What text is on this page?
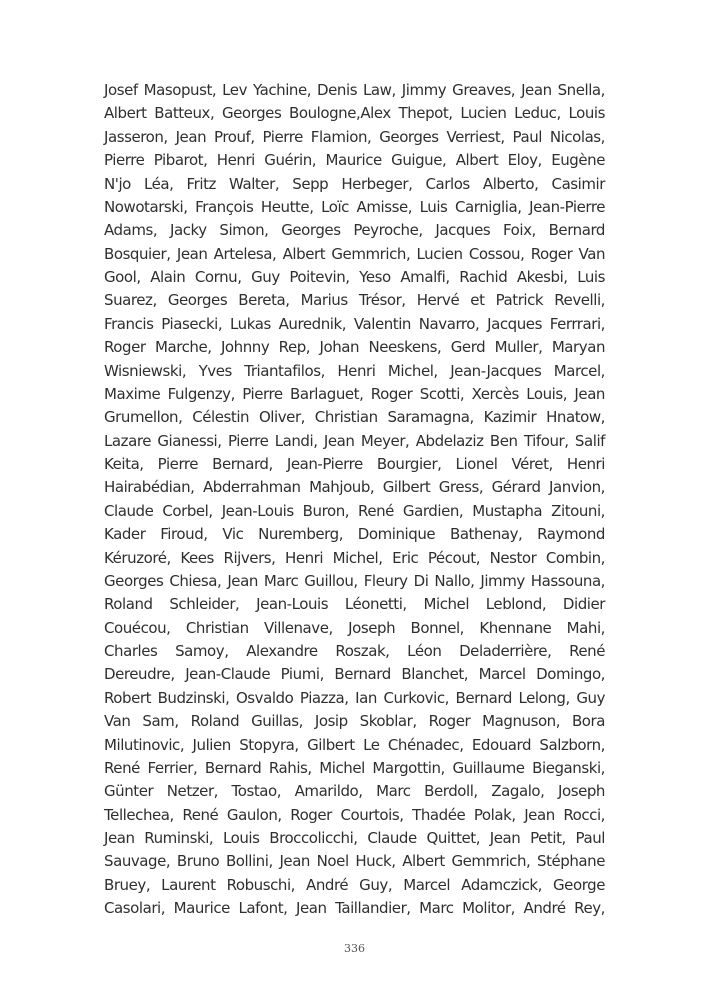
Josef Masopust, Lev Yachine, Denis Law, Jimmy Greaves, Jean Snella,
Albert Batteux, Georges Boulogne,Alex Thepot, Lucien Leduc, Louis
Jasseron, Jean Prouf, Pierre Flamion, Georges Verriest, Paul Nicolas,
Pierre Pibarot, Henri Guérin, Maurice Guigue, Albert Eloy, Eugène
N'jo Léa, Fritz Walter, Sepp Herbeger, Carlos Alberto, Casimir
Nowotarski, François Heutte, Loïc Amisse, Luis Carniglia, Jean-Pierre
Adams, Jacky Simon, Georges Peyroche, Jacques Foix, Bernard
Bosquier, Jean Artelesa, Albert Gemmrich, Lucien Cossou, Roger Van
Gool, Alain Cornu, Guy Poitevin, Yeso Amalfi, Rachid Akesbi, Luis
Suarez, Georges Bereta, Marius Trésor, Hervé et Patrick Revelli,
Francis Piasecki, Lukas Aurednik, Valentin Navarro, Jacques Ferrrari,
Roger Marche, Johnny Rep, Johan Neeskens, Gerd Muller, Maryan
Wisniewski, Yves Triantafilos, Henri Michel, Jean-Jacques Marcel,
Maxime Fulgenzy, Pierre Barlaguet, Roger Scotti, Xercès Louis, Jean
Grumellon, Célestin Oliver, Christian Saramagna, Kazimir Hnatow,
Lazare Gianessi, Pierre Landi, Jean Meyer, Abdelaziz Ben Tifour, Salif
Keita, Pierre Bernard, Jean-Pierre Bourgier, Lionel Véret, Henri
Hairabédian, Abderrahman Mahjoub, Gilbert Gress, Gérard Janvion,
Claude Corbel, Jean-Louis Buron, René Gardien, Mustapha Zitouni,
Kader Firoud, Vic Nuremberg, Dominique Bathenay, Raymond
Kéruzoré, Kees Rijvers, Henri Michel, Eric Pécout, Nestor Combin,
Georges Chiesa, Jean Marc Guillou, Fleury Di Nallo, Jimmy Hassouna,
Roland Schleider, Jean-Louis Léonetti, Michel Leblond, Didier
Couécou, Christian Villenave, Joseph Bonnel, Khennane Mahi,
Charles Samoy, Alexandre Roszak, Léon Deladerrière, René
Dereudre, Jean-Claude Piumi, Bernard Blanchet, Marcel Domingo,
Robert Budzinski, Osvaldo Piazza, Ian Curkovic, Bernard Lelong, Guy
Van Sam, Roland Guillas, Josip Skoblar, Roger Magnuson, Bora
Milutinovic, Julien Stopyra, Gilbert Le Chénadec, Edouard Salzborn,
René Ferrier, Bernard Rahis, Michel Margottin, Guillaume Bieganski,
Günter Netzer, Tostao, Amarildo, Marc Berdoll, Zagalo, Joseph
Tellechea, René Gaulon, Roger Courtois, Thadée Polak, Jean Rocci,
Jean Ruminski, Louis Broccolicchi, Claude Quittet, Jean Petit, Paul
Sauvage, Bruno Bollini, Jean Noel Huck, Albert Gemmrich, Stéphane
Bruey, Laurent Robuschi, André Guy, Marcel Adamczick, George
Casolari, Maurice Lafont, Jean Taillandier, Marc Molitor, André Rey,

336
